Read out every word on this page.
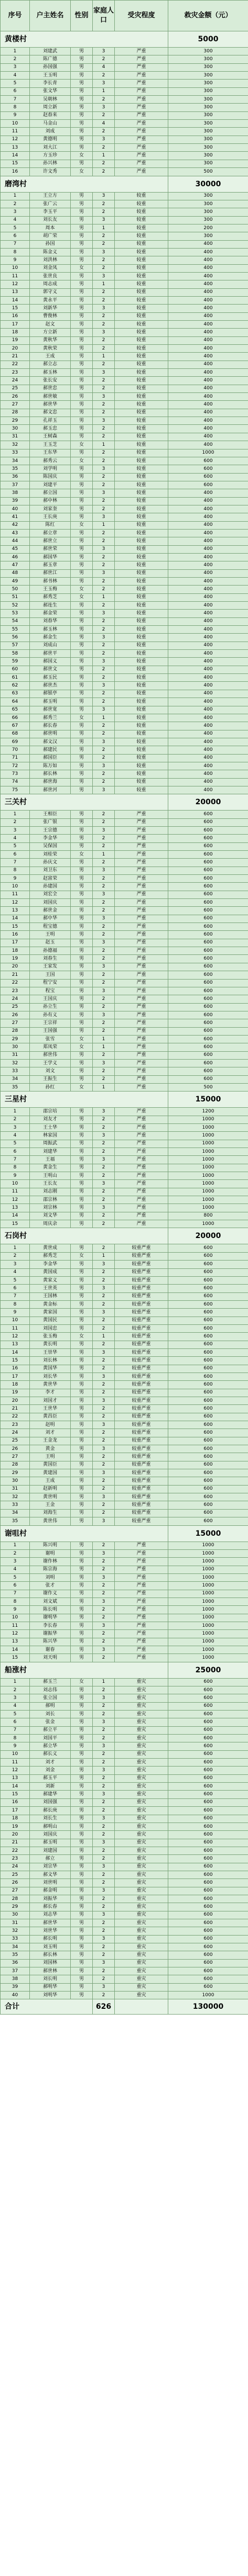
序号	户主姓名	性别	家庭人口	受灾程度	救灾金额（元）
黄楼村					5000
1	刘建武	男	3	严重	300
2	陈广德	男	2	严重	300
3	孙国强	男	4	严重	300
4	王玉明	男	2	严重	300
5	李长青	男	3	严重	300
6	张文华	男	1	严重	300
7	吴朝林	男	2	严重	300
8	周立新	男	3	严重	300
9	赵春来	男	2	严重	300
10	马金山	男	4	严重	300
11	刘成	男	2	严重	300
12	黄德明	男	3	严重	300
13	刘大江	男	2	严重	300
14	方玉珍	女	1	严重	300
15	孙兴林	男	2	严重	300
16	许文秀	女	2	严重	500
磨湾村					30000
1	王立方	男	3	较重	300
2	张广云	男	2	较重	300
3	李玉平	男	2	较重	300
4	刘长友	男	3	较重	300
5	周本	男	1	较重	200
6	胡广荣	男	2	较重	300
7	孙国	男	2	较重	400
8	陈金义	男	3	较重	400
9	刘洪林	男	2	较重	400
10	刘金凤	女	2	较重	400
11	张世良	男	3	较重	400
12	周志成	男	1	较重	400
13	郭守义	男	2	较重	400
14	黄永平	男	2	较重	400
15	刘新华	男	3	较重	400
16	曹俊林	男	2	较重	400
17	赵文	男	2	较重	400
18	方立新	男	3	较重	400
19	黄秋华	男	2	较重	400
20	黄秋荣	男	2	较重	400
21	王成	男	1	较重	400
22	郝立志	男	2	较重	400
23	郝玉林	男	3	较重	400
24	张长安	男	2	较重	400
25	郝世忠	男	2	较重	400
26	郝世敏	男	3	较重	400
27	郝世华	男	2	较重	400
28	郝文忠	男	2	较重	400
29	孔祥玉	男	3	较重	400
30	郝玉忠	男	2	较重	400
31	王树森	男	2	较重	400
32	王玉芝	女	1	较重	400
33	王东华	男	2	较重	1000
34	郝秀云	女	2	较重	600
35	刘学明	男	3	较重	600
36	陈国庆	男	2	较重	600
37	刘建平	男	2	较重	600
38	郝立国	男	3	较重	400
39	郝中林	男	2	较重	400
40	刘家奎	男	2	较重	400
41	王长庚	男	3	较重	400
42	陈红	女	1	较重	400
43	郝立章	男	2	较重	400
44	郝世立	男	2	较重	400
45	郝世荣	男	3	较重	400
46	郝国华	男	2	较重	400
47	郝玉章	男	2	较重	400
48	郝世江	男	3	较重	400
49	郝书林	男	2	较重	400
50	王玉梅	女	2	较重	400
51	郝秀芝	女	1	较重	400
52	郝连生	男	2	较重	400
53	郝金荣	男	3	较重	400
54	刘春华	男	2	较重	400
55	郝玉林	男	2	较重	400
56	郝金生	男	3	较重	400
57	刘成山	男	2	较重	400
58	郝世平	男	2	较重	400
59	郝国义	男	3	较重	400
60	郝世文	男	2	较重	400
61	郝玉民	男	2	较重	400
62	郝世杰	男	3	较重	400
63	郝银亭	男	2	较重	400
64	郝玉明	男	2	较重	400
65	郝世宽	男	3	较重	400
66	郝秀兰	女	1	较重	400
67	郝长春	男	2	较重	400
68	郝世明	男	2	较重	400
69	郝文汉	男	3	较重	400
70	郝建民	男	2	较重	400
71	郝国臣	男	2	较重	400
72	陈万如	男	3	较重	400
73	郝长林	男	2	较重	400
74	郝世海	男	2	较重	400
75	郝世河	男	3	较重	400
三关村					20000
1	王相臣	男	2	严重	600
2	张广银	男	2	严重	600
3	王宗德	男	3	严重	600
4	李金华	男	2	严重	600
5	吴保国	男	2	严重	600
6	刘桂荣	女	1	严重	600
7	孙庆文	男	2	严重	600
8	刘卫东	男	3	严重	600
9	赵富荣	男	2	严重	600
10	孙建国	男	2	严重	600
11	刘宏全	男	3	严重	600
12	刘国庆	男	2	严重	600
13	郝世金	男	2	严重	600
14	郝中华	男	3	严重	600
15	程宝德	男	2	严重	600
16	王明	男	2	严重	600
17	赵玉	男	3	严重	600
18	孙德福	男	2	严重	600
19	刘春生	男	2	严重	600
20	王家发	男	3	严重	600
21	王国	男	2	严重	600
22	程宁安	男	2	严重	600
23	程宝	男	3	严重	600
24	王国庆	男	2	严重	600
25	孙立生	男	2	严重	600
26	孙有义	男	3	严重	600
27	王宗祥	男	2	严重	600
28	王国强	男	2	严重	600
29	张雪	女	1	严重	600
30	郑凤荣	女	1	严重	600
31	郝世伟	男	2	严重	600
32	王学义	男	3	严重	600
33	刘文	男	2	严重	600
34	王振生	男	2	严重	600
35	孙红	女	1	严重	500
三星村					15000
1	邵宗培	男	3	严重	1200
2	刘友才	男	2	严重	1000
3	王士华	男	2	严重	1000
4	林家国	男	3	严重	1000
5	周振武	男	2	严重	1000
6	刘建华	男	2	严重	1000
7	王福	男	3	严重	1000
8	黄金生	男	2	严重	1000
9	王明山	男	2	严重	1000
10	王长友	男	3	严重	1000
11	刘志刚	男	2	严重	1000
12	邵宗林	男	2	严重	1000
13	刘宗林	男	3	严重	1000
14	刘文华	男	2	严重	800
15	周庆余	男	2	严重	1000
石岗村					20000
1	黄世成	男	2	较重严重	600
2	郝秀芝	女	1	较重严重	600
3	李金华	男	3	较重严重	600
4	黄国成	男	2	较重严重	600
5	黄家义	男	2	较重严重	600
6	王世英	男	3	较重严重	600
7	王国林	男	2	较重严重	600
8	黄金标	男	2	较重严重	600
9	黄家国	男	3	较重严重	600
10	黄国民	男	2	较重严重	600
11	刘国忠	男	2	较重严重	600
12	张玉梅	女	1	较重严重	600
13	黄长明	男	2	较重严重	600
14	王崇华	男	3	较重严重	600
15	刘长林	男	2	较重严重	600
16	黄国华	男	2	较重严重	600
17	刘长华	男	3	较重严重	600
18	黄世华	男	2	较重严重	600
19	李才	男	2	较重严重	600
20	刘国才	男	3	较重严重	600
21	王世华	男	2	较重严重	600
22	黄昌臣	男	2	较重严重	600
23	赵明	男	3	较重严重	600
24	刘才	男	2	较重严重	600
25	王金龙	男	2	较重严重	600
26	黄金	男	3	较重严重	600
27	王明	男	2	较重严重	600
28	黄国臣	男	2	较重严重	600
29	黄建国	男	3	较重严重	600
30	王成	男	2	较重严重	600
31	赵新明	男	2	较重严重	600
32	黄世明	男	3	较重严重	600
33	王金	男	2	较重严重	600
34	刘海生	男	2	较重严重	600
35	黄世伟	男	3	较重严重	600
谢咀村					15000
1	陈兴明	男	2	严重	1000
2	谢明	男	3	严重	1000
3	谢作林	男	2	严重	1000
4	陈宗海	男	2	严重	1000
5	刘明	男	3	严重	1000
6	张才	男	2	严重	1000
7	谢作义	男	2	严重	1000
8	刘文斌	男	3	严重	1000
9	陈长明	男	2	严重	1000
10	谢明华	男	2	严重	1000
11	李长春	男	3	严重	1000
12	谢振华	男	2	严重	1000
13	陈兴华	男	2	严重	1000
14	谢春	男	3	严重	1000
15	刘天明	男	2	严重	1000
船涨村					25000
1	郝玉兰	女	1	重灾	600
2	刘志伟	男	2	重灾	600
3	张立国	男	3	重灾	600
4	郝明	男	2	重灾	600
5	刘长	男	2	重灾	600
6	张金	男	3	重灾	600
7	郝立平	男	2	重灾	600
8	刘国平	男	2	重灾	600
9	郝立华	男	3	重灾	600
10	郝长义	男	2	重灾	600
11	刘才	男	2	重灾	600
12	刘金	男	3	重灾	600
13	郝玉平	男	2	重灾	600
14	刘新	男	2	重灾	600
15	郝建华	男	3	重灾	600
16	刘国强	男	2	重灾	600
17	郝长庚	男	2	重灾	600
18	刘长生	男	3	重灾	600
19	郝明山	男	2	重灾	600
20	刘国庆	男	2	重灾	600
21	郝玉明	男	3	重灾	600
22	刘建国	男	2	重灾	600
23	郝立	男	2	重灾	600
24	刘宗华	男	3	重灾	600
25	郝文华	男	2	重灾	600
26	刘世明	男	2	重灾	600
27	郝金明	男	3	重灾	600
28	刘振华	男	2	重灾	600
29	郝长春	男	2	重灾	600
30	刘志华	男	3	重灾	600
31	郝世华	男	2	重灾	600
32	刘世华	男	2	重灾	600
33	郝长明	男	3	重灾	600
34	刘玉明	男	2	重灾	600
35	郝长林	男	2	重灾	600
36	刘国林	男	3	重灾	600
37	郝世林	男	2	重灾	600
38	刘长明	男	2	重灾	600
39	郝明华	男	3	重灾	600
40	刘明华	男	2	重灾	1000
合计			626		130000
